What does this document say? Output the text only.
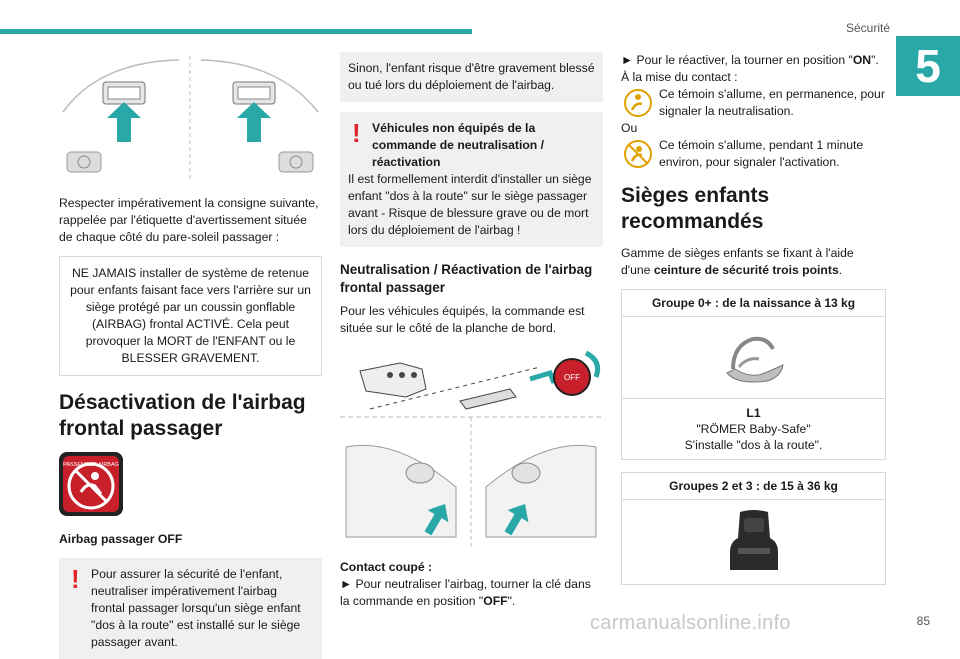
Sécurité
5
85
carmanualsonline.info

Respecter impérativement la consigne suivante, rappelée par l'étiquette d'avertissement située de chaque côté du pare-soleil passager :

NE JAMAIS installer de système de retenue pour enfants faisant face vers l'arrière sur un siège protégé par un coussin gonflable (AIRBAG) frontal ACTIVÉ. Cela peut provoquer la MORT de l'ENFANT ou le BLESSER GRAVEMENT.
Désactivation de l'airbag frontal passager
PASSENGER AIRBAG

Airbag passager OFF

! Pour assurer la sécurité de l'enfant, neutraliser impérativement l'airbag frontal passager lorsqu'un siège enfant "dos à la route" est installé sur le siège passager avant.
Sinon, l'enfant risque d'être gravement blessé ou tué lors du déploiement de l'airbag.
! Véhicules non équipés de la commande de neutralisation / réactivation
Il est formellement interdit d'installer un siège enfant "dos à la route" sur le siège passager avant - Risque de blessure grave ou de mort lors du déploiement de l'airbag !
Neutralisation / Réactivation de l'airbag frontal passager

Pour les véhicules équipés, la commande est située sur le côté de la planche de bord.

OFF

Contact coupé :

► Pour neutraliser l'airbag, tourner la clé dans la commande en position "OFF".

► Pour le réactiver, la tourner en position "ON".

À la mise du contact :

Ce témoin s'allume, en permanence, pour signaler la neutralisation.

Ou

Ce témoin s'allume, pendant 1 minute environ, pour signaler l'activation.

Sièges enfants recommandés

Gamme de sièges enfants se fixant à l'aide d'une ceinture de sécurité trois points.

Groupe 0+ : de la naissance à 13 kg
L1
"RÖMER Baby-Safe"
S'installe "dos à la route".
Groupes 2 et 3 : de 15 à 36 kg
